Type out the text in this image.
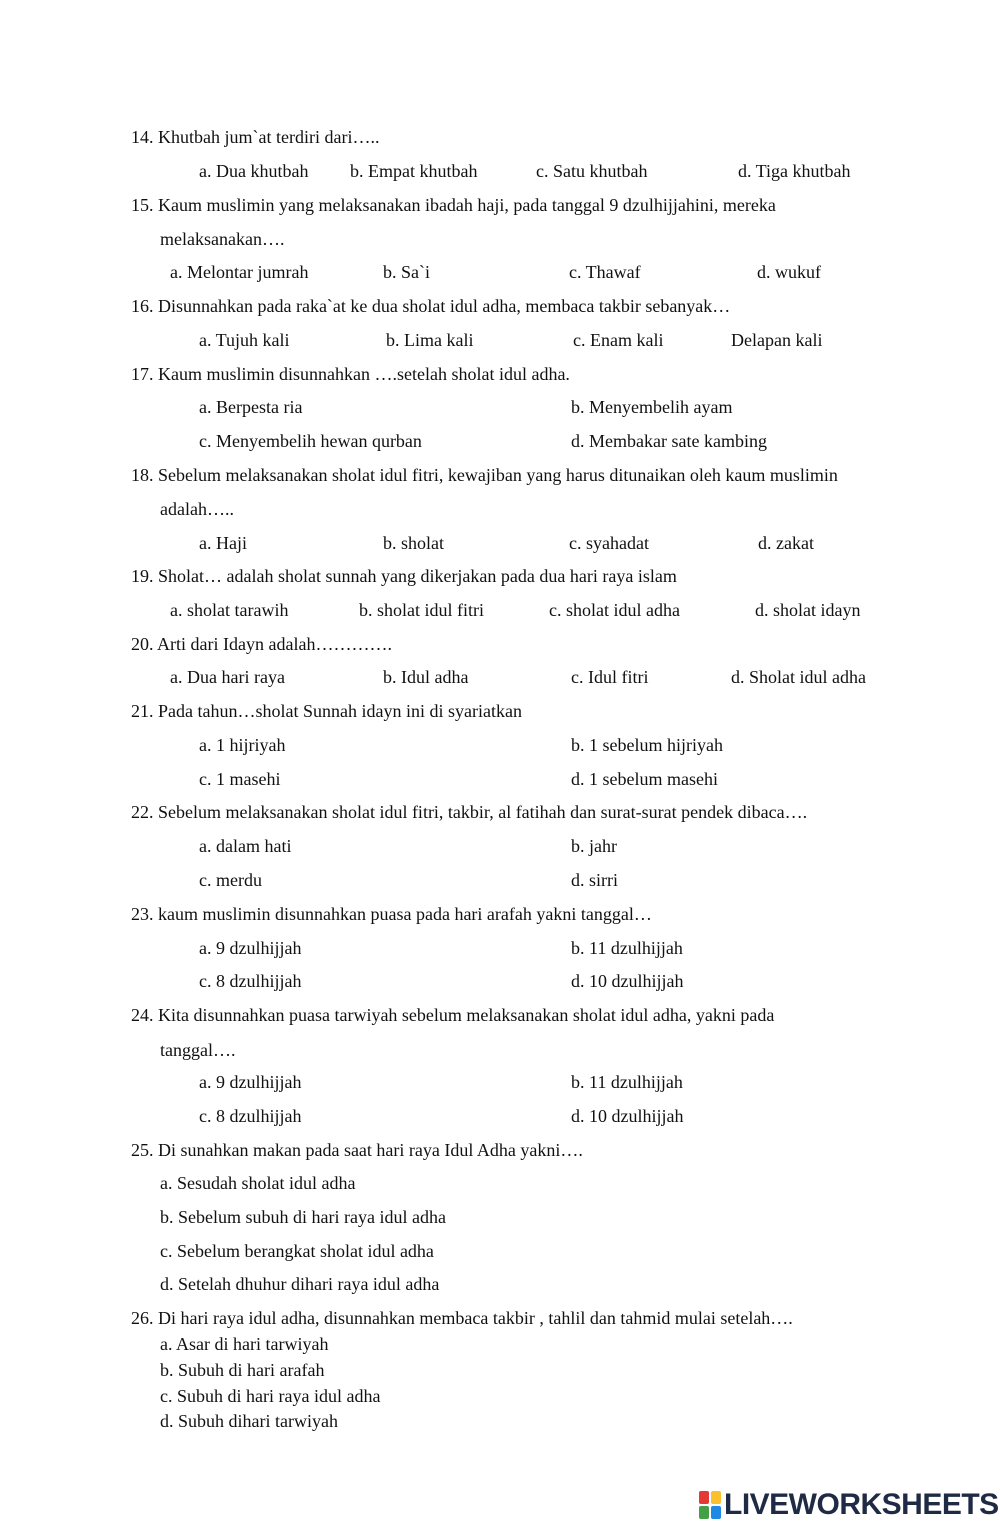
14. Khutbah jum`at terdiri dari…..
a. Dua khutbah b. Empat khutbah	c. Satu khutbah	d. Tiga khutbah
15. Kaum muslimin yang melaksanakan ibadah haji, pada tanggal 9 dzulhijjahini, mereka
melaksanakan….
a. Melontar jumrah	b. Sa`i	c. Thawaf	d. wukuf
16. Disunnahkan pada raka`at ke dua sholat idul adha, membaca takbir sebanyak…
a. Tujuh kali	b. Lima kali	c. Enam kali	Delapan kali
17. Kaum muslimin disunnahkan ….setelah sholat idul adha.
a. Berpesta ria	b. Menyembelih ayam
c. Menyembelih hewan qurban	d. Membakar sate kambing
18. Sebelum melaksanakan sholat idul fitri, kewajiban yang harus ditunaikan oleh kaum muslimin
adalah…..
a. Haji	b. sholat	c. syahadat	d. zakat
19. Sholat… adalah sholat sunnah yang dikerjakan pada dua hari raya islam
a. sholat tarawih	b. sholat idul fitri	c. sholat idul adha	d. sholat idayn
20. Arti dari Idayn adalah………….
a. Dua hari raya	b. Idul adha	c. Idul fitri	d. Sholat idul adha
21. Pada tahun…sholat Sunnah idayn ini di syariatkan
a. 1 hijriyah	b. 1 sebelum hijriyah
c. 1 masehi	d. 1 sebelum masehi
22. Sebelum melaksanakan sholat idul fitri, takbir, al fatihah dan surat-surat pendek dibaca….
a. dalam hati	b. jahr
c. merdu	d. sirri
23. kaum muslimin disunnahkan puasa pada hari arafah yakni tanggal…
a. 9 dzulhijjah	b. 11 dzulhijjah
c. 8 dzulhijjah	d. 10 dzulhijjah
24. Kita disunnahkan puasa tarwiyah sebelum melaksanakan sholat idul adha, yakni pada
tanggal….
a. 9 dzulhijjah	b. 11 dzulhijjah
c. 8 dzulhijjah	d. 10 dzulhijjah
25. Di sunahkan makan pada saat hari raya Idul Adha yakni….
a. Sesudah sholat idul adha
b. Sebelum subuh di hari raya idul adha
c. Sebelum berangkat sholat idul adha
d. Setelah dhuhur dihari raya idul adha
26. Di hari raya idul adha, disunnahkan membaca takbir , tahlil dan tahmid mulai setelah….
a. Asar di hari tarwiyah
b. Subuh di hari arafah
c. Subuh di hari raya idul adha
d. Subuh dihari tarwiyah
LIVEWORKSHEETS
